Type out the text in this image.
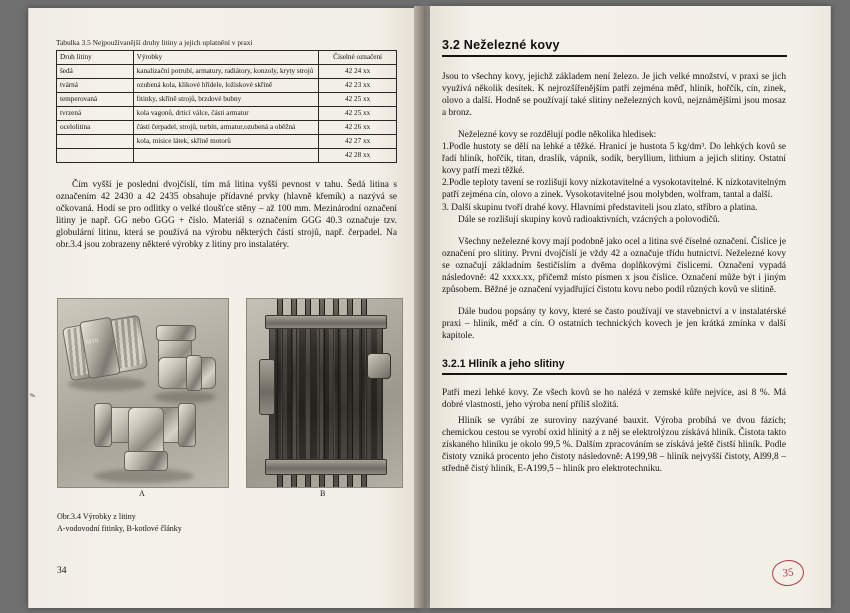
Tabulka 3.5 Nejpoužívanější druhy litiny a jejich uplatnění v praxi
Druh litiny	Výrobky	Číselné označení
šedá	kanalizační potrubí, armatury, radiátory, konzoly, kryty strojů	42 24 xx
tvárná	ozubená kola, klikové hřídele, ložiskové skříně	42 23 xx
temperovaná	fitinky, skříně strojů, brzdové bubny	42 25 xx
tvrzená	kola vagonů, drticí válce, části armatur	42 25 xx
ocelolitina	části čerpadel, strojů, turbín, armatur,ozubená a oběžná	42 26 xx
	kola, misice látek, skříně motorů	42 27 xx
		42 28 xx

Čím vyšší je poslední dvojčíslí, tím má litina vyšší pevnost v tahu. Šedá litina s označením 42 2430 a 42 2435 obsahuje přídavné prvky (hlavně křemík) a nazývá se očkovaná. Hodí se pro odlitky o velké tloušťce stěny – až 100 mm. Mezinárodní označení litiny je např. GG nebo GGG + číslo. Materiál s označením GGG 40.3 označuje tzv. globulární litinu, která se používá na výrobu některých částí strojů, např. čerpadel. Na obr.3.4 jsou zobrazeny některé výrobky z litiny pro instalatéry.

M10
A	B
Obr.3.4 Výrobky z litiny
A-vodovodní fitinky, B-kotlové články
34
✎
3.2 Neželezné kovy

Jsou to všechny kovy, jejichž základem není železo. Je jich velké množství, v praxi se jich využívá několik desítek. K nejrozšířenějším patří zejména měď, hliník, hořčík, cín, zinek, olovo a další. Hodně se používají také slitiny neželezných kovů, nejznámějšími jsou mosaz a bronz.

Neželezné kovy se rozdělují podle několika hledisek:

1.Podle hustoty se dělí na lehké a těžké. Hranicí je hustota 5 kg/dm³. Do lehkých kovů se řadí hliník, hořčík, titan, draslík, vápník, sodík, beryllium, lithium a jejich slitiny. Ostatní kovy patří mezi těžké.

2.Podle teploty tavení se rozlišují kovy nízkotavitelné a vysokotavitelné. K nízkotavitelným patří zejména cín, olovo a zinek. Vysokotavitelné jsou molybden, wolfram, tantal a další.

3. Další skupinu tvoří drahé kovy. Hlavními představiteli jsou zlato, stříbro a platina.

Dále se rozlišují skupiny kovů radioaktivních, vzácných a polovodičů.

Všechny neželezné kovy mají podobně jako ocel a litina své číselné označení. Číslice je označení pro slitiny. První dvojčíslí je vždy 42 a označuje třídu hutnictví. Neželezné kovy se označují základním šestičíslím a dvěma doplňkovými číslicemi. Označení vypadá následovně: 42 xxxx.xx, přičemž místo písmen x jsou číslice. Označení může být i jiným způsobem. Běžné je označení vyjadřující čistotu kovu nebo podíl různých kovů ve slitině.

Dále budou popsány ty kovy, které se často používají ve stavebnictví a v instalatérské praxi – hliník, měď a cín. O ostatních technických kovech je jen krátká zmínka v další kapitole.

3.2.1 Hliník a jeho slitiny

Patří mezi lehké kovy. Ze všech kovů se ho nalézá v zemské kůře nejvíce, asi 8 %. Má dobré vlastnosti, jeho výroba není příliš složitá.

Hliník se vyrábí ze suroviny nazývané bauxit. Výroba probíhá ve dvou fázích; chemickou cestou se vyrobí oxid hlinitý a z něj se elektrolýzou získává hliník. Čistota takto získaného hliníku je okolo 99,5 %. Dalším zpracováním se získává ještě čistší hliník. Podle čistoty vzniká procento jeho čistoty následovně: A199,98 – hliník nejvyšší čistoty, Al99,8 – středně čistý hliník, E-A199,5 – hliník pro elektrotechniku.

35
